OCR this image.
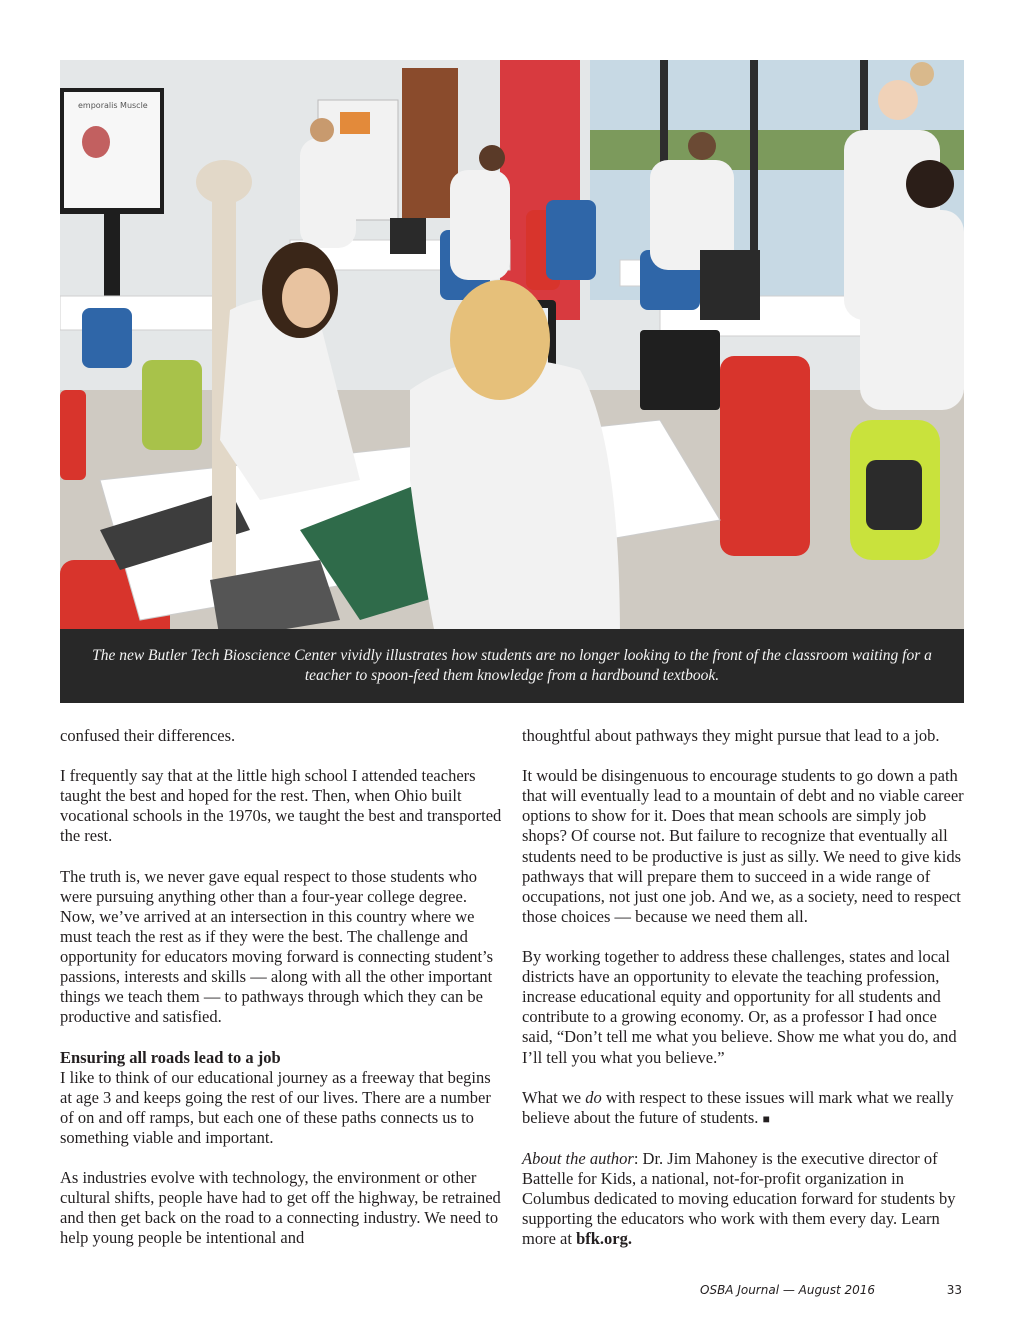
emporalis Muscle

The new Butler Tech Bioscience Center vividly illustrates how students are no longer looking to the front of the classroom waiting for a teacher to spoon-feed them knowledge from a hardbound textbook.

confused their differences.

I frequently say that at the little high school I attended teachers taught the best and hoped for the rest. Then, when Ohio built vocational schools in the 1970s, we taught the best and transported the rest.

The truth is, we never gave equal respect to those students who were pursuing anything other than a four-year college degree. Now, we’ve arrived at an intersection in this country where we must teach the rest as if they were the best. The challenge and opportunity for educators moving forward is connecting student’s passions, interests and skills — along with all the other important things we teach them — to pathways through which they can be productive and satisfied.

Ensuring all roads lead to a job

I like to think of our educational journey as a freeway that begins at age 3 and keeps going the rest of our lives. There are a number of on and off ramps, but each one of these paths connects us to something viable and important.

As industries evolve with technology, the environment or other cultural shifts, people have had to get off the highway, be retrained and then get back on the road to a connecting industry. We need to help young people be intentional and

thoughtful about pathways they might pursue that lead to a job.

It would be disingenuous to encourage students to go down a path that will eventually lead to a mountain of debt and no viable career options to show for it. Does that mean schools are simply job shops? Of course not. But failure to recognize that eventually all students need to be productive is just as silly. We need to give kids pathways that will prepare them to succeed in a wide range of occupations, not just one job. And we, as a society, need to respect those choices — because we need them all.

By working together to address these challenges, states and local districts have an opportunity to elevate the teaching profession, increase educational equity and opportunity for all students and contribute to a growing economy. Or, as a professor I had once said, “Don’t tell me what you believe. Show me what you do, and I’ll tell you what you believe.”

What we do with respect to these issues will mark what we really believe about the future of students. ■

About the author: Dr. Jim Mahoney is the executive director of Battelle for Kids, a national, not-for-profit organization in Columbus dedicated to moving education forward for students by supporting the educators who work with them every day. Learn more at bfk.org.

OSBA Journal — August 2016	33
